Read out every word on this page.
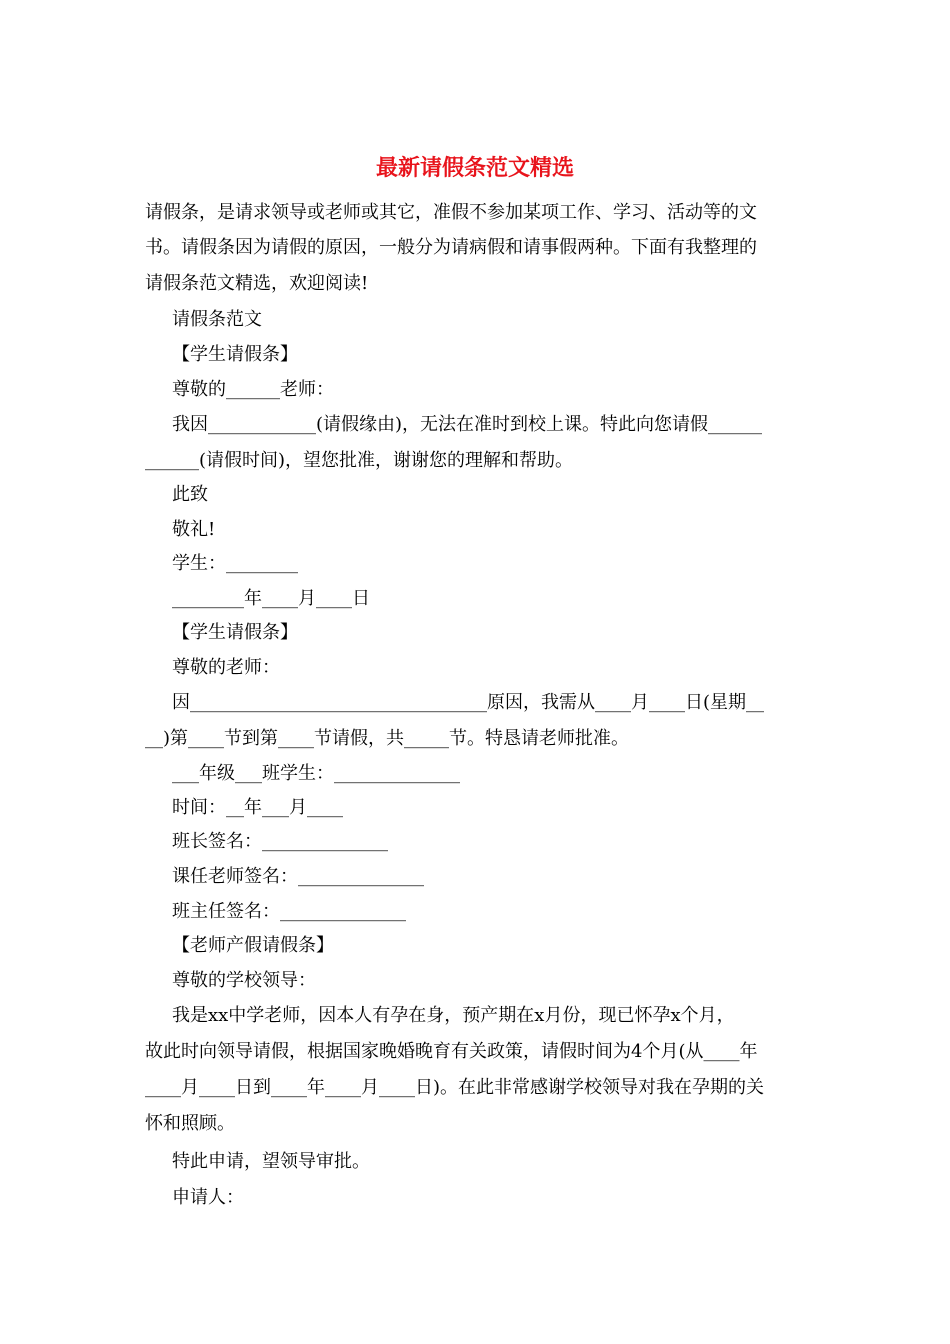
最新请假条范文精选
请假条，是请求领导或老师或其它，准假不参加某项工作、学习、活动等的文
书。请假条因为请假的原因，一般分为请病假和请事假两种。下面有我整理的
请假条范文精选，欢迎阅读!
请假条范文
【学生请假条】
尊敬的______老师：
我因____________(请假缘由)，无法在准时到校上课。特此向您请假______
______(请假时间)，望您批准，谢谢您的理解和帮助。
此致
敬礼!
学生：________
________年____月____日
【学生请假条】
尊敬的老师：
因_________________________________原因，我需从____月____日(星期__
__)第____节到第____节请假，共_____节。特恳请老师批准。
___年级___班学生：______________
时间：__年___月____
班长签名：______________
课任老师签名：______________
班主任签名：______________
【老师产假请假条】
尊敬的学校领导：
我是xx中学老师，因本人有孕在身，预产期在x月份，现已怀孕x个月，
故此时向领导请假，根据国家晚婚晚育有关政策，请假时间为4个月(从____年
____月____日到____年____月____日)。在此非常感谢学校领导对我在孕期的关
怀和照顾。
特此申请，望领导审批。
申请人：
